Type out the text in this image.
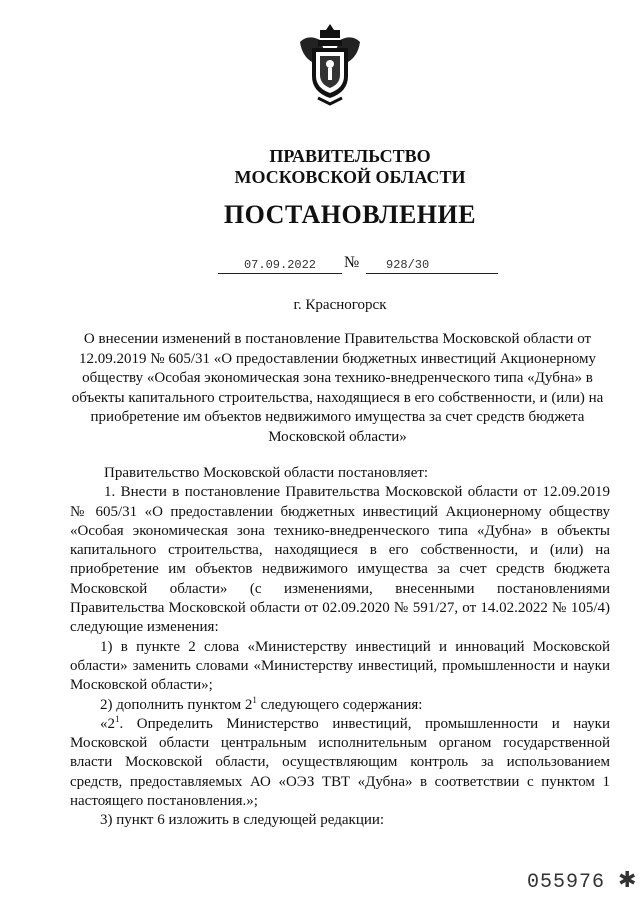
ПРАВИТЕЛЬСТВО
МОСКОВСКОЙ ОБЛАСТИ
ПОСТАНОВЛЕНИЕ
07.09.2022	№	928/30
г. Красногорск
О внесении изменений в постановление Правительства Московской области от 12.09.2019 № 605/31 «О предоставлении бюджетных инвестиций Акционерному обществу «Особая экономическая зона технико-внедренческого типа «Дубна» в объекты капитального строительства, находящиеся в его собственности, и (или) на приобретение им объектов недвижимого имущества за счет средств бюджета Московской области»

Правительство Московской области постановляет:

1. Внести в постановление Правительства Московской области от 12.09.2019 № 605/31 «О предоставлении бюджетных инвестиций Акционерному обществу «Особая экономическая зона технико-внедренческого типа «Дубна» в объекты капитального строительства, находящиеся в его собственности, и (или) на приобретение им объектов недвижимого имущества за счет средств бюджета Московской области» (с изменениями, внесенными постановлениями Правительства Московской области от 02.09.2020 № 591/27, от 14.02.2022 № 105/4) следующие изменения:

1) в пункте 2 слова «Министерству инвестиций и инноваций Московской области» заменить словами «Министерству инвестиций, промышленности и науки Московской области»;

2) дополнить пунктом $2^1$ следующего содержания:

«$2^1$. Определить Министерство инвестиций, промышленности и науки Московской области центральным исполнительным органом государственной власти Московской области, осуществляющим контроль за использованием средств, предоставляемых АО «ОЭЗ ТВТ «Дубна» в соответствии с пунктом 1 настоящего постановления.»;

3) пункт 6 изложить в следующей редакции:

055976 ✱
